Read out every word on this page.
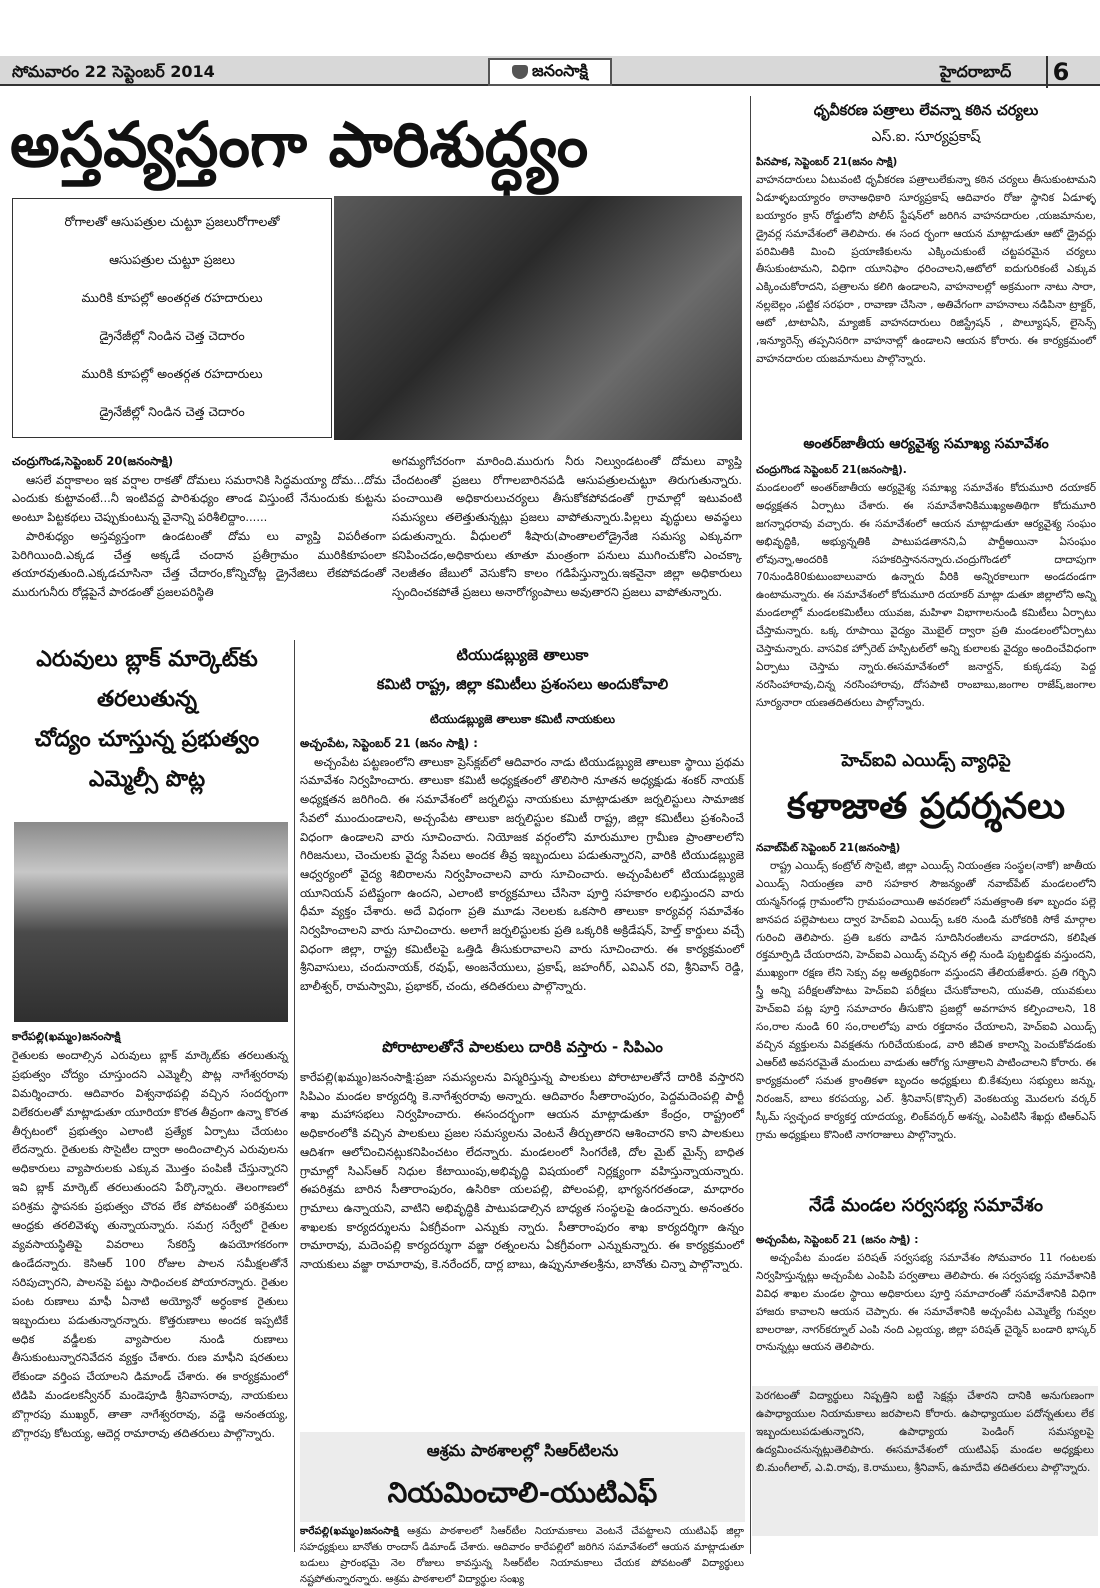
సోమవారం 22 సెప్టెంబర్ 2014	జనంసాక్షి	హైదరాబాద్ 6
అస్తవ్యస్తంగా పారిశుద్ధ్యం
రోగాలతో ఆసుపత్రుల చుట్టూ ప్రజలురోగాలతో
ఆసుపత్రుల చుట్టూ ప్రజలు
మురికి కూపల్లో అంతర్గత రహదారులు
డ్రైనేజీల్లో నిండిన చెత్త చెదారం
మురికి కూపల్లో అంతర్గత రహదారులు
డ్రైనేజీల్లో నిండిన చెత్త చెదారం
చంద్రుగొండ,సెప్టెంబర్ 20(జనంసాక్షి)

ఆసలే వర్షాకాలం ఇక వర్షాల రాకతో దోమలు సమరానికి సిద్ధమయ్యా దోమ...దోమ ఎందుకు కుట్టావంటే...నీ ఇంటివద్ద పారిశుధ్యం తాండ విస్తుంటే నేనుందుకు కుట్టను అంటూ పిట్టకథలు చెప్పుకుంటున్న వైనాన్ని పరిశీలిద్దాం......

పారిశుధ్యం అస్తవ్యస్తంగా ఉండటంతో దోమ లు వ్యాప్తి విపరీతంగా పెరిగియింది.ఎక్కడ చేత్త అక్కడే చందాన ప్రతీగ్రామం మురికికూపంలా తయారవుతుంది.ఎక్కడచూసినా చేత్త చేదారం,కోన్నిచోట్ల డ్రైనేజిలు లేకపోవడంతో మురుగునీరు రోడ్లపైనే పారడంతో ప్రజలపరిస్థితి

అగమ్యగోచరంగా మారింది.మురుగు నీరు నిల్వుండటంతో దోమలు వ్యాప్తి చేందటంతో ప్రజలు రోగాలబారినపడి ఆసుపత్రులచుట్టూ తిరుగుతున్నారు. పంచాయితి అధికారులుచర్యలు తీసుకోకపోవడంతో గ్రామాల్లో ఇటువంటి సమస్యలు తలెత్తుతున్నట్లు ప్రజలు వాపోతున్నారు.పిల్లలు వృద్ధులు అవస్థలు పడుతున్నారు. వీధులలో శీషారు(పాంతాలలోడ్రైనేజి సమస్య ఎక్కువగా కనిపించడం,అధికారులు తూతూ మంత్రంగా పనులు ముగించుకోని ఎంచక్కా నెలజీతం జేబులో వెసుకోని కాలం గడిపేస్తున్నారు.ఇకనైనా జిల్లా అధికారులు స్పందించకపోతే ప్రజలు అనారోగ్యంపాలు అవుతారని ప్రజలు వాపోతున్నారు.

ఎరువులు బ్లాక్ మార్కెట్‌కు
తరలుతున్న
చోద్యం చూస్తున్న ప్రభుత్వం
ఎమ్మెల్సీ పొట్ల
కారేపల్లి(ఖమ్మం)జనంసాక్షి

రైతులకు అందాల్సిన ఎరువులు బ్లాక్ మార్కెట్‌కు తరలుతున్న ప్రభుత్వం చోద్యం చూస్తుందని ఎమ్మెల్సీ పొట్ల నాగేశ్వరరావు విమర్శించారు. ఆదివారం విశ్వనాథపల్లి వచ్చిన సందర్భంగా విలేకరులతో మాట్లాడుతూ యూరియా కొరత తీవ్రంగా ఉన్నా కొరత తీర్చటంలో ప్రభుత్వం ఎలాంటి ప్రత్యేక ఏర్పాటు చేయటం లేదన్నారు. రైతులకు సొసైటీల ద్వారా అందించాల్సిన ఎరువులను అధికారులు వ్యాపారులకు ఎక్కువ మొత్తం పంపిణీ చేస్తున్నారని ఇవి బ్లాక్ మార్కెట్ తరలుతుందని పేర్కొన్నారు. తెలంగాణలో పరిశ్రమ స్థాపనకు ప్రభుత్వం చొరవ లేక పోవటంతో పరిశ్రమలు ఆంధ్రకు తరలివెళ్ళు తున్నాయన్నారు. సమగ్ర సర్వేలో రైతుల వ్యవసాయస్థితిపై వివరాలు సేకరిస్తే ఉపయోగకరంగా ఉండేదన్నారు. కెసిఆర్ 100 రోజుల పాలన సమీక్షలతోనే సరిపుచ్చారని, పాలనపై పట్టు సాధించలక పోయారన్నారు. రైతుల పంట రుణాలు మాఫీ ఏనాటి అయ్యోనో అర్ధంకాక రైతులు ఇబ్బందులు పడుతున్నారన్నారు. కొత్తరుణాలు అందక ఇప్పటికే అధిక వడ్డీలకు వ్యాపారుల నుండి రుణాలు తీసుకుంటున్నారనివేదన వ్యక్తం చేశారు. రుణ మాఫీని షరతులు లేకుండా వర్తింప చేయాలని డిమాండ్ చేశారు. ఈ కార్యక్రమంలో టిడిపి మండలకన్వీనర్ మండెపూడి శ్రీనివాసరావు, నాయకులు బొగ్గారపు ముఖ్యర్, తాతా నాగేశ్వరరావు, వడ్డె అనంతయ్య, బొగ్గారపు కోటయ్య, ఆదెర్ల రామారావు తదితరులు పాల్గొన్నారు.

టియుడబ్ల్యుజె తాలుకా
కమిటి రాష్ట్ర, జిల్లా కమిటీలు ప్రశంసలు అందుకోవాలి
టియుడబ్ల్యుజె తాలుకా కమిటీ నాయకులు
అచ్చంపేట, సెప్టెంబర్ 21 (జనం సాక్షి) :

అచ్చంపేట పట్టణంలోని తాలుకా ప్రెస్‌క్లబ్‌లో ఆదివారం నాడు టియుడబ్ల్యుజె తాలుకా స్థాయి ప్రథమ సమావేశం నిర్వహించారు. తాలుకా కమిటీ అధ్యక్షతంలో తొలిసారి నూతన అధ్యక్షుడు శంకర్ నాయక్ అధ్యక్షతన జరిగింది. ఈ సమావేశంలో జర్నలిస్టు నాయకులు మాట్లాడుతూ జర్నలిస్టులు సామాజిక సేవలో ముందుండాలని, అచ్చంపేట తాలుకా జర్నలిస్టుల కమిటీ రాష్ట్ర, జిల్లా కమిటీలు ప్రశంసించే విధంగా ఉండాలని వారు సూచించారు. నియోజక వర్గంలోని మారుమూల గ్రామీణ ప్రాంతాలలోని గిరిజనులు, చెంచులకు వైద్య సేవలు అందక తీవ్ర ఇబ్బందులు పడుతున్నారని, వారికి టియుడబ్ల్యుజె ఆధ్వర్యంలో వైద్య శిబిరాలను నిర్వహించాలని వారు సూచించారు. అచ్చంపేటలో టియుడబ్ల్యుజె యూనియన్ పటిష్టంగా ఉందని, ఎలాంటి కార్యక్రమాలు చేసినా పూర్తి సహకారం లభిస్తుందని వారు ధీమా వ్యక్తం చేశారు. అదే విధంగా ప్రతి మూడు నెలలకు ఒకసారి తాలుకా కార్యవర్గ సమావేశం నిర్వహించాలని వారు సూచించారు. అలాగే జర్నలిస్టులకు ప్రతి ఒక్కరికి అక్రిడేషన్, హెల్త్ కార్డులు వచ్చే విధంగా జిల్లా, రాష్ట్ర కమిటీలపై ఒత్తిడి తీసుకురావాలని వారు సూచించారు. ఈ కార్యక్రమంలో శ్రీనివాసులు, చందునాయక్, రవుఫ్, అంజనేయులు, ప్రకాష్, జహంగీర్, ఎవిఎన్ రవి, శ్రీనివాస్ రెడ్డి, బాలీశ్వర్, రామస్వామి, ప్రభాకర్, చందు, తదితరులు పాల్గొన్నారు.

పోరాటాలతోనే పాలకులు దారికి వస్తారు - సిపిఎం

కారేపల్లి(ఖమ్మం)జనంసాక్షి:ప్రజా సమస్యలను విస్మరిస్తున్న పాలకులు పోరాటాలతోనే దారికి వస్తారని సిపిఎం మండల కార్యదర్శి కె.నాగేశ్వరరావు అన్నారు. ఆదివారం సీతారాంపురం, పెద్దమదెంపల్లి పార్టీ శాఖ మహాసభలు నిర్వహించారు. ఈసందర్భంగా ఆయన మాట్లాడుతూ కేంద్రం, రాష్ట్రంలో అధికారంలోకి వచ్చిన పాలకులు ప్రజల సమస్యలను వెంటనే తీర్చుతారని ఆశించారని కాని పాలకులు ఆదిశగా ఆలోచించినట్లుకనిపించటం లేదన్నారు. మండలంలో సింగరేణి, దోల మైట్ మైన్స్ బాధిత గ్రామాల్లో సిఎస్‌ఆర్ నిధుల కేటాయింపు,అభివృద్ధి విషయంలో నిర్లక్ష్యంగా వహిస్తున్నాయన్నారు. ఈపరిశ్రమ బారిన సీతారాంపురం, ఉసిరికా యలపల్లి, పోలంపల్లి, భాగ్యనగరతండా, మాధారం గ్రామాలు ఉన్నాయని, వాటిని అభివృద్ధికి పాటుపడాల్సిన బాధ్యత సంస్థలపై ఉందన్నారు. అనంతరం శాఖలకు కార్యదర్శులను ఏకగ్రీవంగా ఎన్నుకు న్నారు. సీతారాంపురం శాఖ కార్యదర్శిగా ఉన్నం రామారావు, మదెంపల్లి కార్యదర్శుగా వజ్జా రత్నంలను ఏకగ్రీవంగా ఎన్నుకున్నారు. ఈ కార్యక్రమంలో నాయకులు వజ్జా రామారావు, కె.నరేందర్, దార్ల బాబు, ఉప్పునూతలశ్రీను, బానోతు చిన్నా పాల్గొన్నారు.

ఆశ్రమ పాఠశాలల్లో సిఆర్‌టిలను
నియమించాలి-యుటిఎఫ్
కారేపల్లి(ఖమ్మం)జనంసాక్షి ఆశ్రమ పాఠశాలలో సిఆర్‌టీల నియామకాలు వెంటనే చేపట్టాలని యుటిఎఫ్ జిల్లా సహధ్యక్షులు బానోతు రాందాస్ డిమాండ్ చేశారు. ఆదివారం కారేపల్లిలో జరిగిన సమావేశంలో ఆయన మాట్లాడుతూ బడులు ప్రారంభమై నెల రోజులు కావస్తున్న సిఆర్‌టీల నియామకాలు చేయక పోవటంతో విద్యార్థులు నష్టపోతున్నారన్నారు. ఆశ్రమ పాఠశాలలో విద్యార్థుల సంఖ్య
ధృవీకరణ పత్రాలు లేవన్నా కఠిన చర్యలు
ఎస్.ఐ. సూర్యప్రకాష్
పినపాక, సెప్టెంబర్ 21(జనం సాక్షి)

వాహనదారులు ఏటువంటి ధృవీకరణ పత్రాలులేకున్నా కఠిన చర్యలు తీసుకుంటామని ఏడూళ్ళబయ్యారం ఠానాఅధికారి సూర్యప్రకాష్ ఆదివారం రోజు స్థానిక ఏడూళ్ళ బయ్యారం క్రాస్ రోడ్డులోని పోలీస్ స్టేషన్‌లో జరిగిన వాహనదారుల ,యజమానుల, డ్రైవర్ల సమావేశంలో తెలిపారు. ఈ సంద ర్భంగా ఆయన మాట్లాడుతూ ఆటో డ్రైవర్లు పరిమితికి మించి ప్రయాణికులను ఎక్కించుకుంటే చట్టపరమైన చర్యలు తీసుకుంటామని, విధిగా యూనిఫాం ధరించాలని,ఆటోలో ఐదుగురికంటే ఎక్కువ ఎక్కించుకోరాదని, పత్రాలను కలిగి ఉండాలని, వాహనాలల్లో అక్రమంగా నాటు సారా, నల్లబెల్లం ,పట్టిక సరఫరా , రావాణా చేసినా , అతివేగంగా వాహనాలు నడిపినా ట్రాక్టర్, ఆటో ,టాటాఏసి, మ్యాజిక్ వాహనదారులు రిజిస్ట్రేషన్ , పొల్యూషన్, లైసెన్స్ ,ఇన్యూరెన్స్ తప్పనిసరిగా వాహనాల్లో ఉండాలని ఆయన కోరారు. ఈ కార్యక్రమంలో వాహనదారుల యజమానులు పాల్గొన్నారు.

అంతర్‌జాతీయ ఆర్యవైశ్య సమాఖ్య సమావేశం
చంద్రుగొండ సెప్టెంబర్ 21(జనంసాక్షి).

మండలంలో అంతర్‌జాతీయ ఆర్యవైశ్య సమాఖ్య సమావేశం కోదుమూరి దయాకర్ అధ్యక్షతన ఏర్పాటు చేశారు. ఈ సమావేశానికిముఖ్యఅతిథిగా కోదుమూరి జగన్నాధరావు వచ్చారు. ఈ సమావేశంలో ఆయన మాట్లాడుతూ ఆర్యవైశ్య సంఘం అభివృద్ధికి, అభ్యున్నతికి పాటుపడతానని,ఏ పార్టీఅయినా ఏసంఘం లోవున్నా,అందరికి సహకరిస్తాననన్నారు.చంద్రుగొండలో దాదాపుగా 70నుండి80కుటుంబాలువారు ఉన్నారు వీరికి అన్నిరకాలుగా అండదండగా ఉంటామన్నారు. ఈ సమావేశంలో కోదుమూరి దయాకర్ మాట్లా డుతూ జిల్లాలోని అన్ని మండలాల్లో మండలకమిటీలు యువజ, మహిళా విభాగాలనుండి కమిటీలు ఏర్పాటు చేస్తామన్నారు. ఒక్క రూపాయి వైద్యం మొబైల్ ద్వారా ప్రతి మండలంలోఏర్పాటు చెస్తామన్నారు. వాసవిక హ్సోరెట్ హస్పిటల్‌లో అన్ని కులాలకు వైద్యం అందించేవిధంగా ఏర్పాటు చెస్తామ న్నారు.ఈసమావేశంలో జనార్దన్, కుక్కడపు పెద్ద నరసింహారావు,చిన్న నరసింహారావు, దోసపాటి రాంబాబు,జంగాల రాజేష్,జంగాల సూర్యనారా యణతదితరులు పాల్గోన్నారు.

హెచ్ఐవి ఎయిడ్స్ వ్యాధిపై
కళాజాత ప్రదర్శనలు
నవాబ్‌పేట్ సెప్టెంబర్ 21(జనంసాక్షి)

రాష్ట్ర ఎయిడ్స్ కంట్రోల్ సొసైటి, జిల్లా ఎయిడ్స్ నియంత్రణ సంస్థల(నాకో) జాతీయ ఎయిడ్స్ నియంత్రణ వారి సహకార సౌజన్యంతో నవాబ్‌పేట్ మండలంలోని యన్మన్‌గండ్ల గ్రామంలోని గ్రామపంచాయితి అవరణలో సమతక్రాంతి కళా బృందం పల్లె జానపద పల్లెపాటలు ద్వార హెచ్ఐవి ఎయిడ్స్ ఒకరి నుండి మరోకరికి సోకే మార్గాల గురించి తెలిపారు. ప్రతి ఒకరు వాడిన సూదిసిరంజీలను వాడరాదని, కలిషిత రక్తమార్పిడి చేయరాదని, హెచ్ఐవి ఎయిడ్స్ వచ్చిన తల్లి నుండి పుట్టబిడ్డకు వస్తుందని, ముఖ్యంగా రక్షణ లేని సెక్సు వల్ల అత్యధికంగా వస్తుందని తేలియజేశారు. ప్రతి గర్భిని స్త్రీ అన్ని పరీక్షలతోపాటు హెచ్ఐవి పరీక్షలు చేసుకోవాలని, యువతి, యువకులు హెచ్ఐవి పట్ల పూర్తి సమాచారం తీసుకొని ప్రజల్లో అవగాహన కల్పించాలని, 18 సం,రాల నుండి 60 సం,రాలలోపు వారు రక్తదానం చేయాలని, హెచ్ఐవి ఎయిడ్స్ వచ్చిన వ్యక్తులను వివక్షతను గురిచేయకుండ, వారి జీవిత కాలాన్ని పెంచుకోవడంకు ఎఆర్‌టి అవసరమైతే మందులు వాడుతు ఆరోగ్య సూత్రాలని పాటించాలని కోరారు. ఈ కార్యక్రమంలో సమత క్రాంతికళా బృందం అధ్యక్షులు బి.కేశవులు సభ్యులు జన్ను, నిరంజన్, బాలు కరపయ్య, ఎల్. శ్రీనివాస్(కొన్సిల్) వెంకటయ్య మొదలగు వర్కర్ స్కీమ్ స్వచ్ఛంద కార్యకర్త యాదయ్య, లింక్‌వర్కర్ అశన్న, ఎంపిటిసి శేఖర్లు టిఆర్ఎస్ గ్రామ అధ్యక్షులు కొనింటి నాగరాజులు పాల్గొన్నారు.

నేడే మండల సర్వసభ్య సమావేశం
అచ్చంపేట, సెప్టెంబర్ 21 (జనం సాక్షి) :

అచ్చంపేట మండల పరిషత్ సర్వసభ్య సమావేశం సోమవారం 11 గంటలకు నిర్వహిస్తున్నట్లు అచ్చంపేట ఎంపిపి పర్వతాలు తెలిపారు. ఈ సర్వసభ్య సమావేశానికి వివిధ శాఖల మండల స్థాయి అధికారులు పూర్తి సమాచారంతో సమావేశానికి విధిగా హాజరు కావాలని ఆయన చెప్పారు. ఈ సమావేశానికి అచ్చంపేట ఎమ్మెల్యే గువ్వల బాలరాజు, నాగర్‌కర్నూల్ ఎంపి నంది ఎల్లయ్య, జిల్లా పరిషత్ చైర్మెన్ బండారి భాస్కర్ రానున్నట్లు ఆయన తెలిపారు.

పెరగటంతో విద్యార్థులు నిష్పత్తిని బట్టి సెక్షన్లు చేశారని దానికి అనుగుణంగా ఉపాధ్యాయుల నియామకాలు జరపాలని కోరారు. ఉపాధ్యాయుల పదోన్నతులు లేక ఇబ్బందులుపడుతున్నారని, ఉపాధ్యాయ పెండింగ్ సమస్యలపై ఉద్యమించనున్నట్లుతెలిపారు. ఈసమావేశంలో యుటిఎఫ్ మండల అధ్యక్షులు బి.మంగీలాల్, ఎ.వి.రావు, కె.రాములు, శ్రీనివాస్, ఉమాదేవి తదితరులు పాల్గొన్నారు.
